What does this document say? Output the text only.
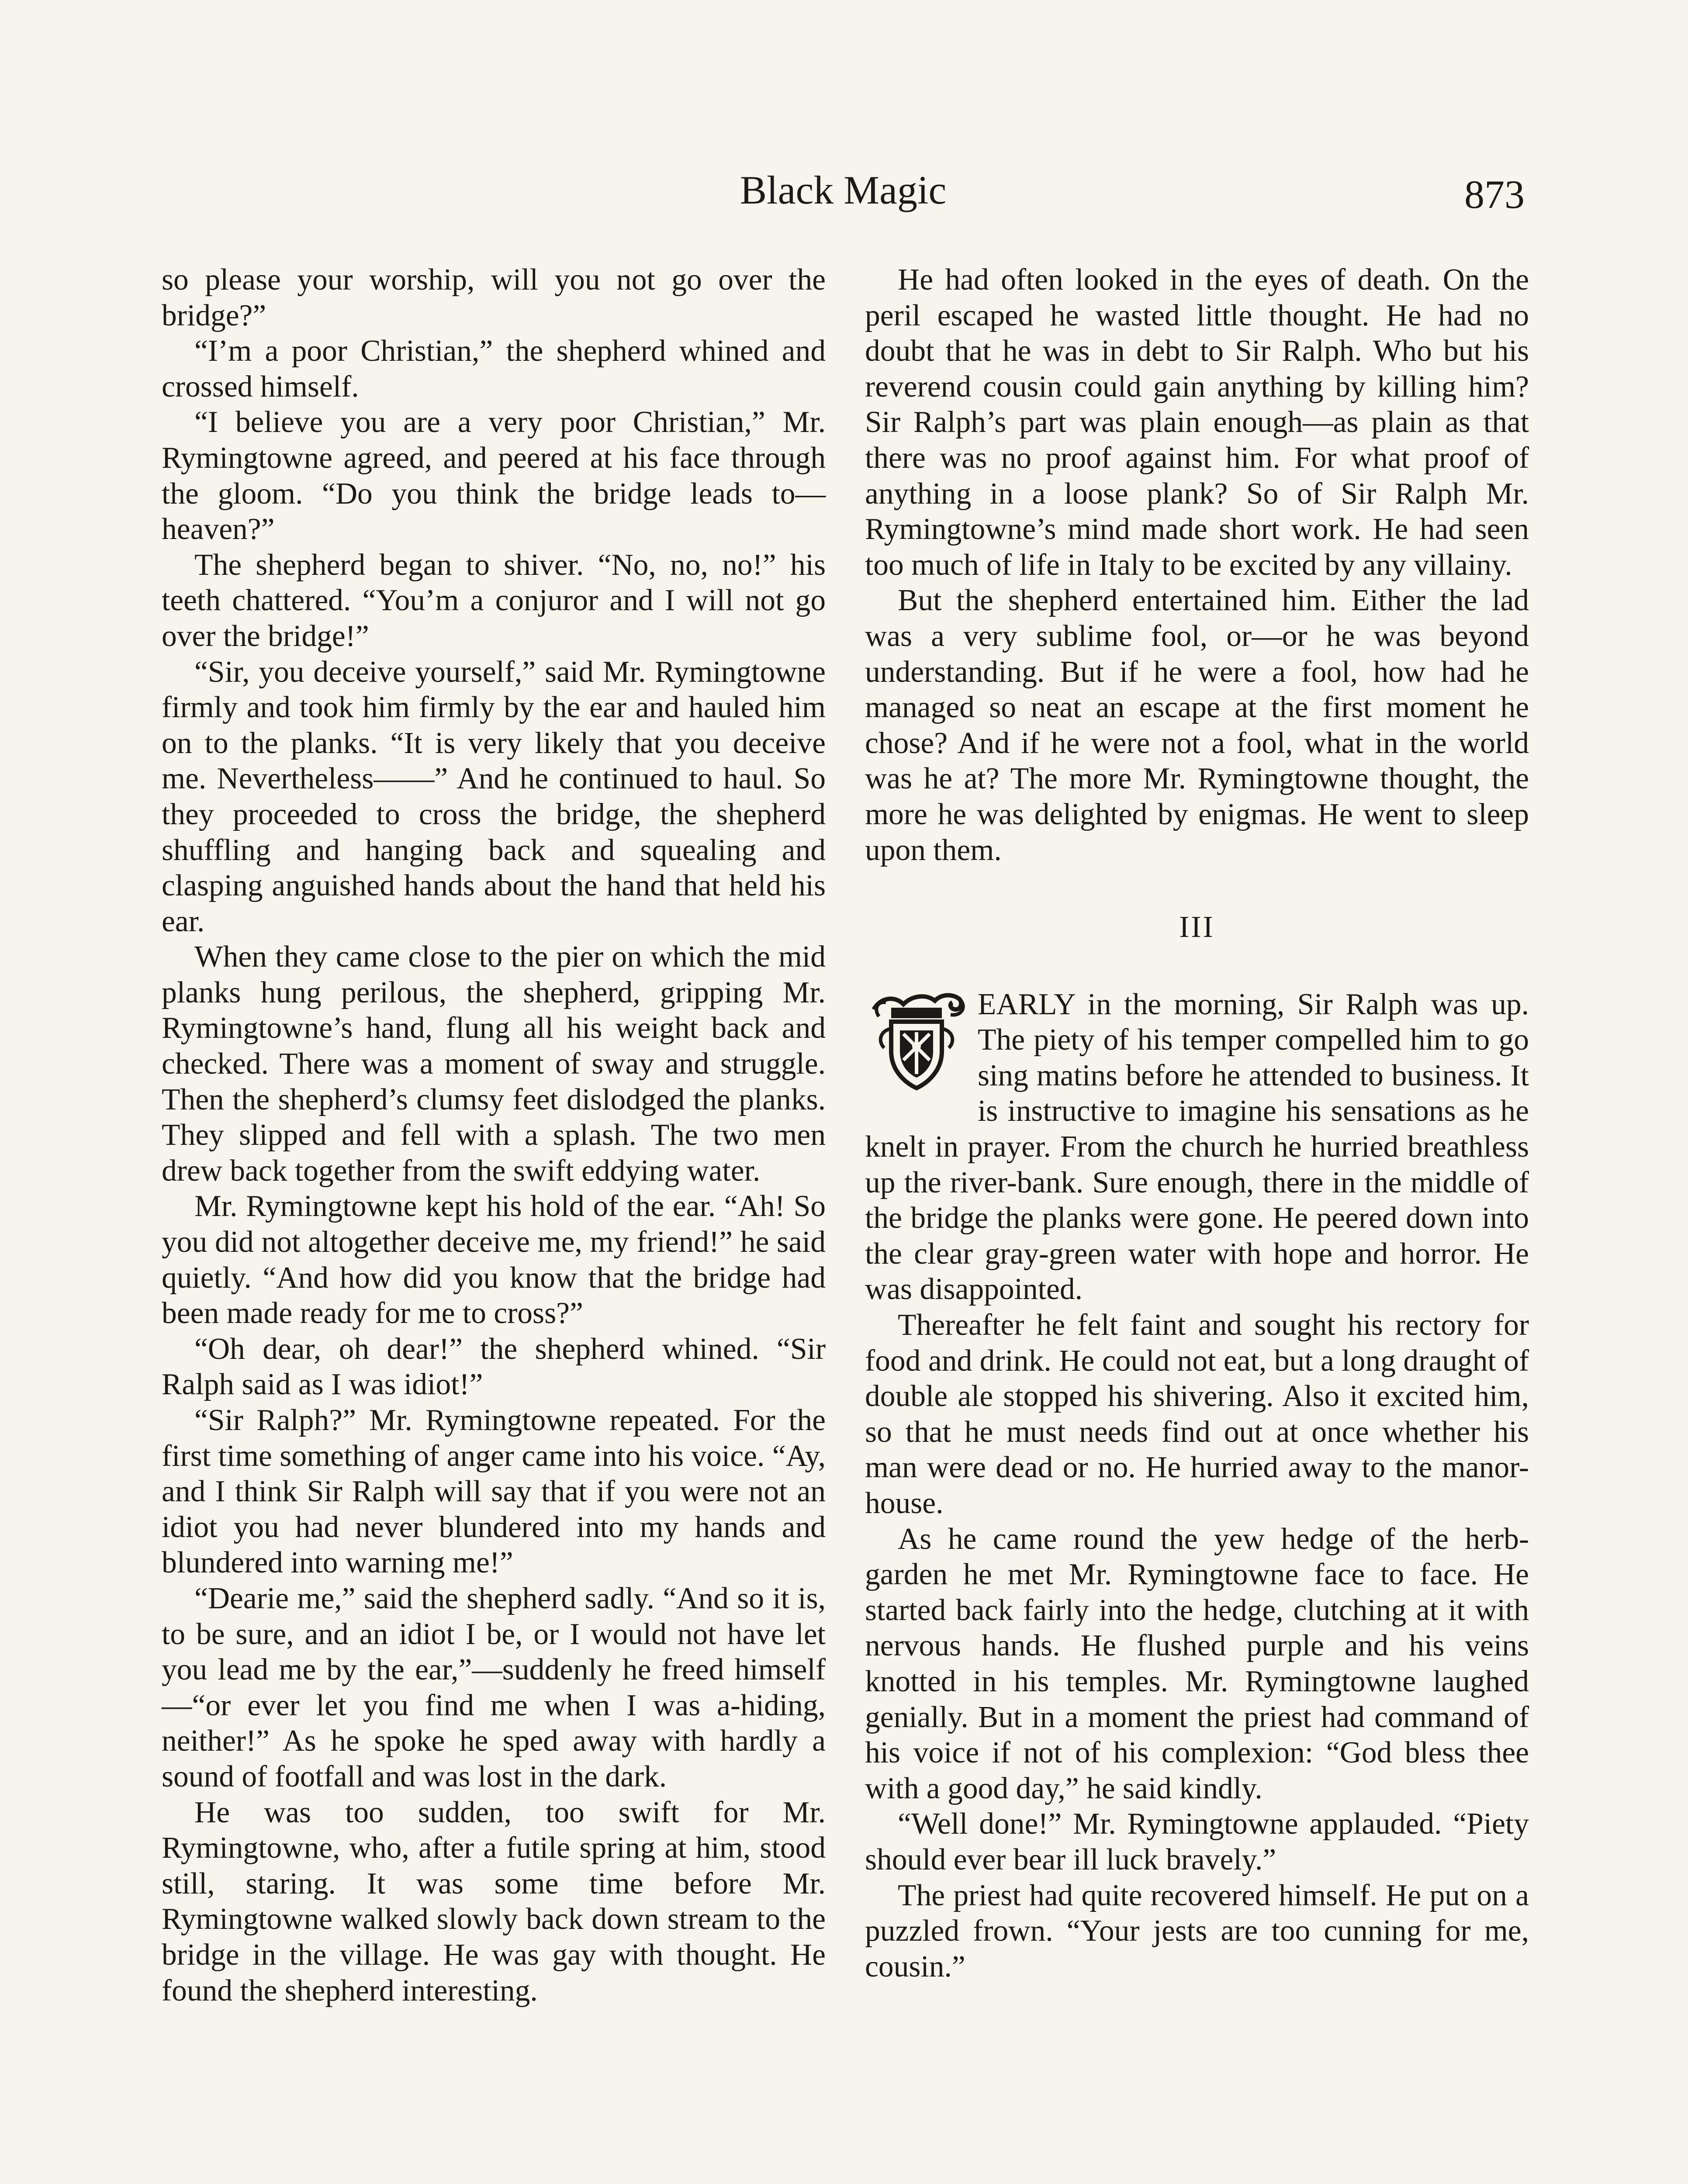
Black Magic	873

so please your worship, will you not go over the bridge?”

“I’m a poor Christian,” the shepherd whined and crossed himself.

“I believe you are a very poor Christian,” Mr. Rymingtowne agreed, and peered at his face through the gloom. “Do you think the bridge leads to—heaven?”

The shepherd began to shiver. “No, no, no!” his teeth chattered. “You’m a conjuror and I will not go over the bridge!”

“Sir, you deceive yourself,” said Mr. Rymingtowne firmly and took him firmly by the ear and hauled him on to the planks. “It is very likely that you deceive me. Nevertheless——” And he continued to haul. So they proceeded to cross the bridge, the shepherd shuffling and hanging back and squealing and clasping anguished hands about the hand that held his ear.

When they came close to the pier on which the mid planks hung perilous, the shepherd, gripping Mr. Rymingtowne’s hand, flung all his weight back and checked. There was a moment of sway and struggle. Then the shepherd’s clumsy feet dislodged the planks. They slipped and fell with a splash. The two men drew back together from the swift eddying water.

Mr. Rymingtowne kept his hold of the ear. “Ah! So you did not altogether deceive me, my friend!” he said quietly. “And how did you know that the bridge had been made ready for me to cross?”

“Oh dear, oh dear!” the shepherd whined. “Sir Ralph said as I was idiot!”

“Sir Ralph?” Mr. Rymingtowne repeated. For the first time something of anger came into his voice. “Ay, and I think Sir Ralph will say that if you were not an idiot you had never blundered into my hands and blundered into warning me!”

“Dearie me,” said the shepherd sadly. “And so it is, to be sure, and an idiot I be, or I would not have let you lead me by the ear,”—suddenly he freed himself—“or ever let you find me when I was a-hiding, neither!” As he spoke he sped away with hardly a sound of footfall and was lost in the dark.

He was too sudden, too swift for Mr. Rymingtowne, who, after a futile spring at him, stood still, staring. It was some time before Mr. Rymingtowne walked slowly back down stream to the bridge in the village. He was gay with thought. He found the shepherd interesting.

He had often looked in the eyes of death. On the peril escaped he wasted little thought. He had no doubt that he was in debt to Sir Ralph. Who but his reverend cousin could gain anything by killing him? Sir Ralph’s part was plain enough—as plain as that there was no proof against him. For what proof of anything in a loose plank? So of Sir Ralph Mr. Rymingtowne’s mind made short work. He had seen too much of life in Italy to be excited by any villainy.

But the shepherd entertained him. Either the lad was a very sublime fool, or—or he was beyond understanding. But if he were a fool, how had he managed so neat an escape at the first moment he chose? And if he were not a fool, what in the world was he at? The more Mr. Rymingtowne thought, the more he was delighted by enigmas. He went to sleep upon them.

III

EARLY in the morning, Sir Ralph was up. The piety of his temper compelled him to go sing matins before he attended to business. It is instructive to imagine his sensations as he knelt in prayer. From the church he hurried breathless up the river-bank. Sure enough, there in the middle of the bridge the planks were gone. He peered down into the clear gray-green water with hope and horror. He was disappointed.

Thereafter he felt faint and sought his rectory for food and drink. He could not eat, but a long draught of double ale stopped his shivering. Also it excited him, so that he must needs find out at once whether his man were dead or no. He hurried away to the manor-house.

As he came round the yew hedge of the herb-garden he met Mr. Rymingtowne face to face. He started back fairly into the hedge, clutching at it with nervous hands. He flushed purple and his veins knotted in his temples. Mr. Rymingtowne laughed genially. But in a moment the priest had command of his voice if not of his complexion: “God bless thee with a good day,” he said kindly.

“Well done!” Mr. Rymingtowne applauded. “Piety should ever bear ill luck bravely.”

The priest had quite recovered himself. He put on a puzzled frown. “Your jests are too cunning for me, cousin.”
